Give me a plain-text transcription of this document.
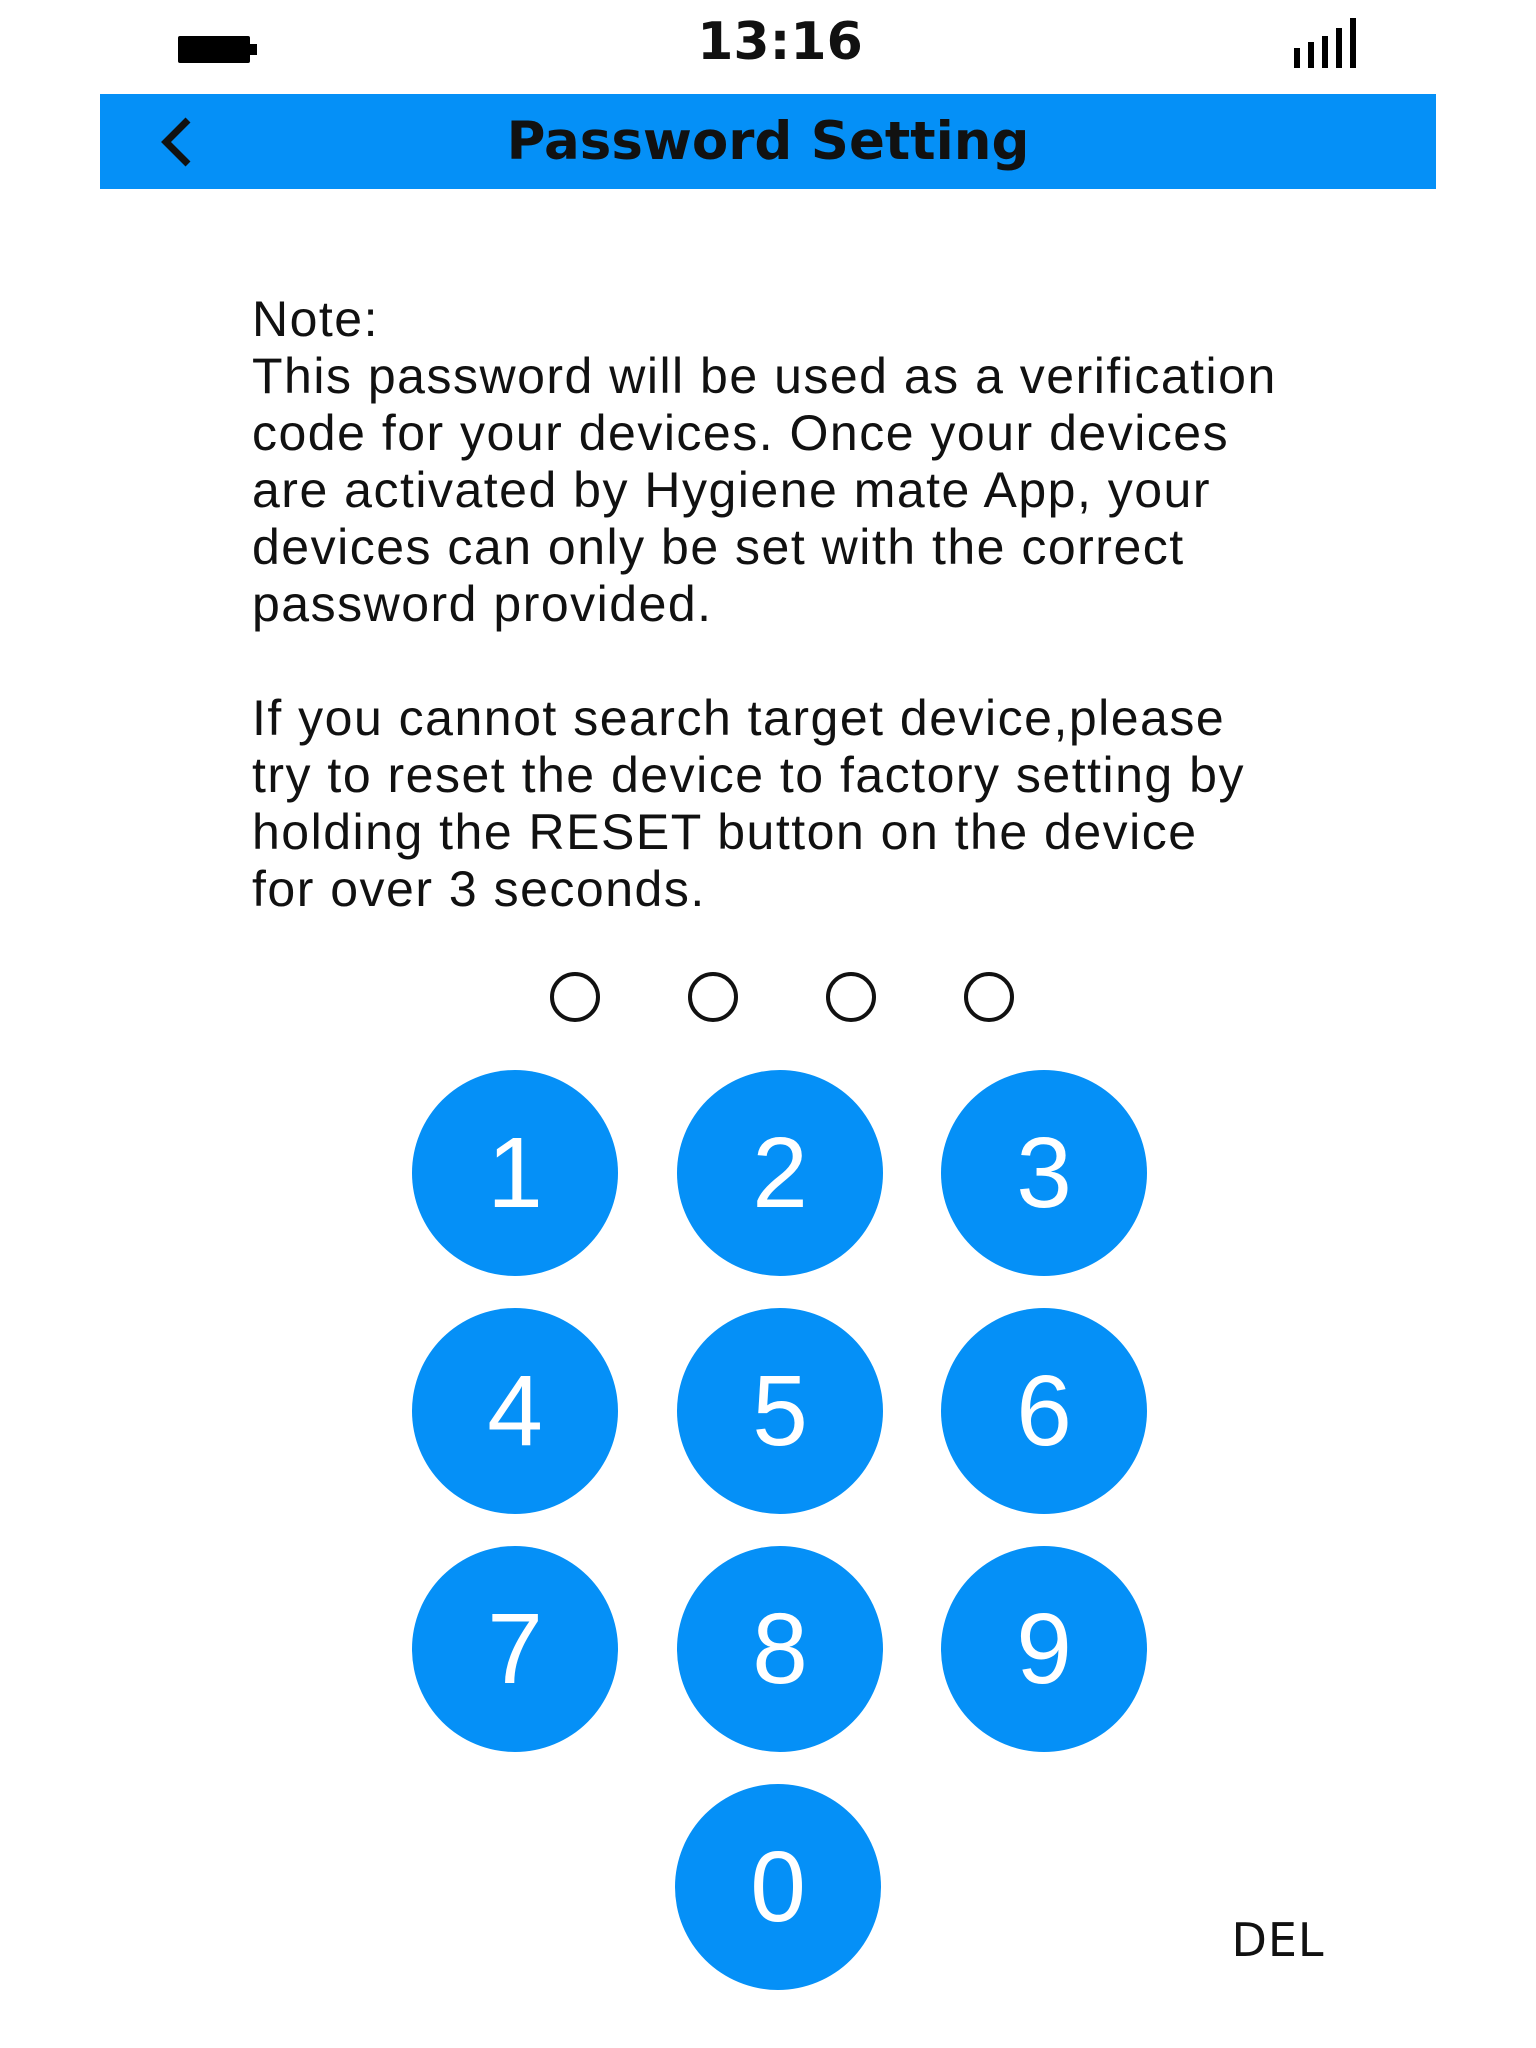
13:16
Password Setting

Note:

This password will be used as a verification
code for your devices. Once your devices
are activated by Hygiene mate App, your
devices can only be set with the correct
password provided.

If you cannot search target device,please
try to reset the device to factory setting by
holding the RESET button on the device
for over 3 seconds.

1	2	3
4	5	6
7	8	9
0	DEL
